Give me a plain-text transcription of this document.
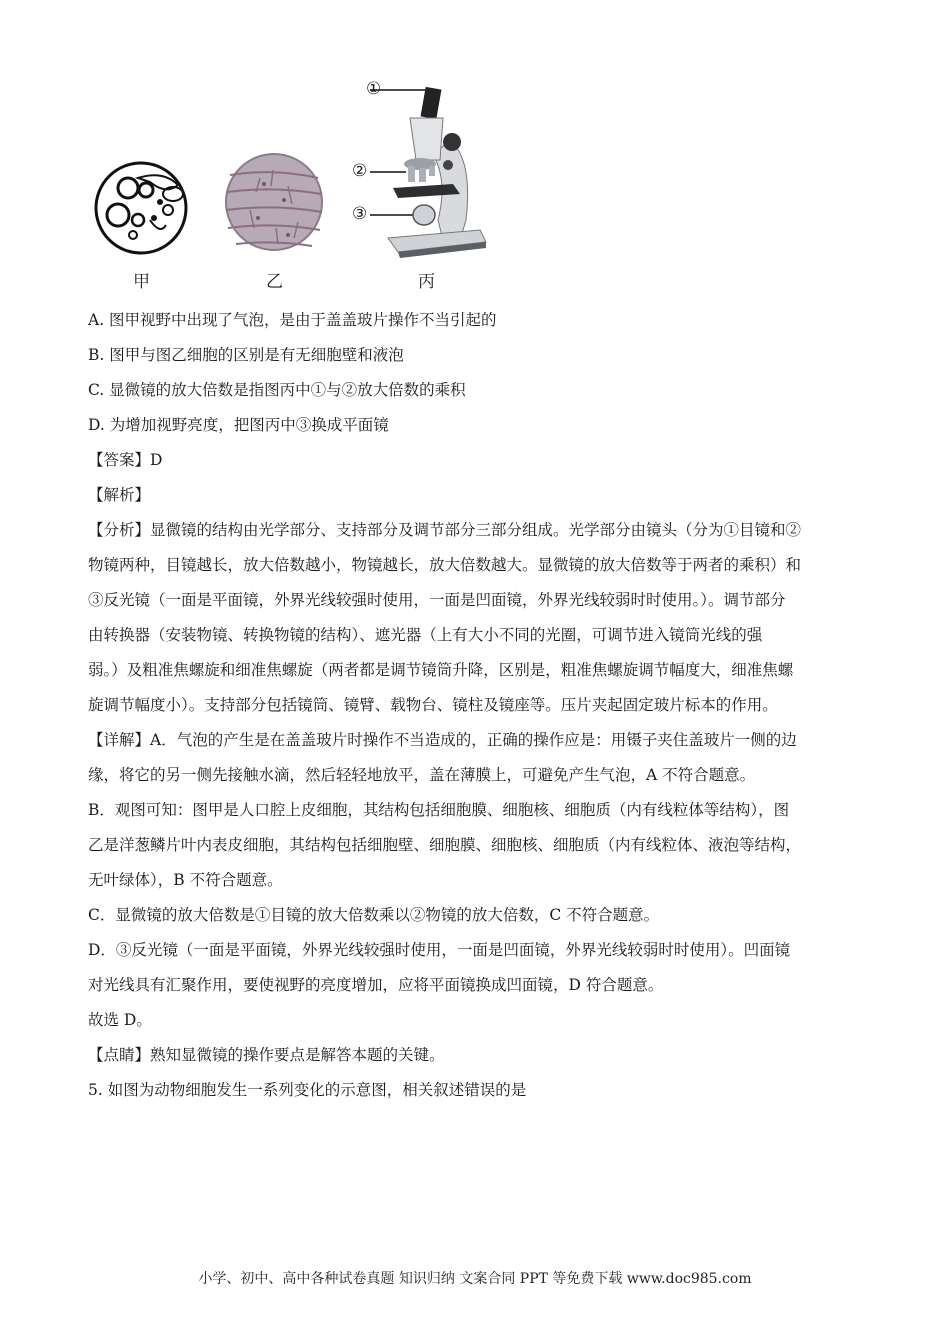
①
②
③
甲	乙	丙
A. 图甲视野中出现了气泡，是由于盖盖玻片操作不当引起的
B. 图甲与图乙细胞的区别是有无细胞壁和液泡
C. 显微镜的放大倍数是指图丙中①与②放大倍数的乘积
D. 为增加视野亮度，把图丙中③换成平面镜
【答案】D
【解析】
【分析】显微镜的结构由光学部分、支持部分及调节部分三部分组成。光学部分由镜头（分为①目镜和②
物镜两种，目镜越长，放大倍数越小，物镜越长，放大倍数越大。显微镜的放大倍数等于两者的乘积）和
③反光镜（一面是平面镜，外界光线较强时使用，一面是凹面镜，外界光线较弱时时使用。）。调节部分
由转换器（安装物镜、转换物镜的结构）、遮光器（上有大小不同的光圈，可调节进入镜筒光线的强
弱。）及粗准焦螺旋和细准焦螺旋（两者都是调节镜筒升降，区别是，粗准焦螺旋调节幅度大，细准焦螺
旋调节幅度小）。支持部分包括镜筒、镜臂、载物台、镜柱及镜座等。压片夹起固定玻片标本的作用。
【详解】A．气泡的产生是在盖盖玻片时操作不当造成的，正确的操作应是：用镊子夹住盖玻片一侧的边
缘，将它的另一侧先接触水滴，然后轻轻地放平，盖在薄膜上，可避免产生气泡，A 不符合题意。
B．观图可知：图甲是人口腔上皮细胞，其结构包括细胞膜、细胞核、细胞质（内有线粒体等结构），图
乙是洋葱鳞片叶内表皮细胞，其结构包括细胞壁、细胞膜、细胞核、细胞质（内有线粒体、液泡等结构，
无叶绿体），B 不符合题意。
C．显微镜的放大倍数是①目镜的放大倍数乘以②物镜的放大倍数，C 不符合题意。
D．③反光镜（一面是平面镜，外界光线较强时使用，一面是凹面镜，外界光线较弱时时使用）。凹面镜
对光线具有汇聚作用，要使视野的亮度增加，应将平面镜换成凹面镜，D 符合题意。
故选 D。
【点睛】熟知显微镜的操作要点是解答本题的关键。
5. 如图为动物细胞发生一系列变化的示意图，相关叙述错误的是
小学、初中、高中各种试卷真题 知识归纳 文案合同 PPT 等免费下载 www.doc985.com
